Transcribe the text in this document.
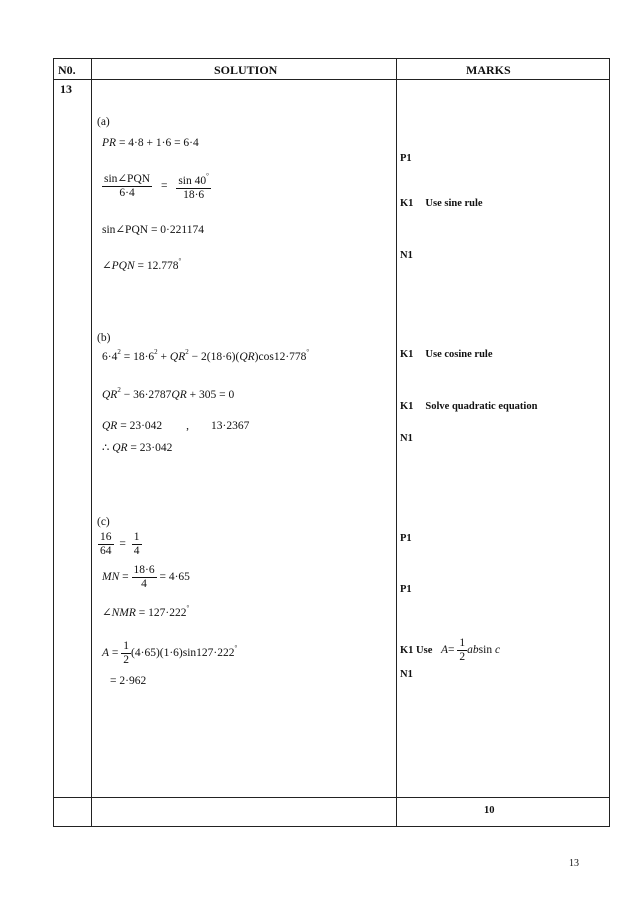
N0.	SOLUTION	MARKS
13
(a)
PR = 4·8 + 1·6 = 6·4
$\frac{\text{sin∠PQN}}{6\cdot 4} = \frac{\sin 40^\circ}{18\cdot 6}$
sin∠PQN = 0·221174
∠PQN = 12.778°
(b)
$6\cdot 4^2 = 18\cdot 6^2 + QR^2 - 2(18\cdot 6)(QR)\cos 12\cdot 778^\circ$
$QR^2 - 36\cdot 2787QR + 305 = 0$
QR = 23·042 , 13·2367
∴ QR = 23·042
(c)
$\frac{16}{64} = \frac{1}{4}$
MN = $\frac{18\cdot 6}{4} = 4\cdot 65$
∠NMR = 127·222°
$A = \frac{1}{2} (4\cdot 65)(1\cdot 6)\sin 127\cdot 222^\circ$
= 2·962
P1
K1 Use sine rule
N1
K1 Use cosine rule
K1 Solve quadratic equation
N1
P1
P1
K1 Use $A= \frac{1}{2}$ absin c
N1
10
13
